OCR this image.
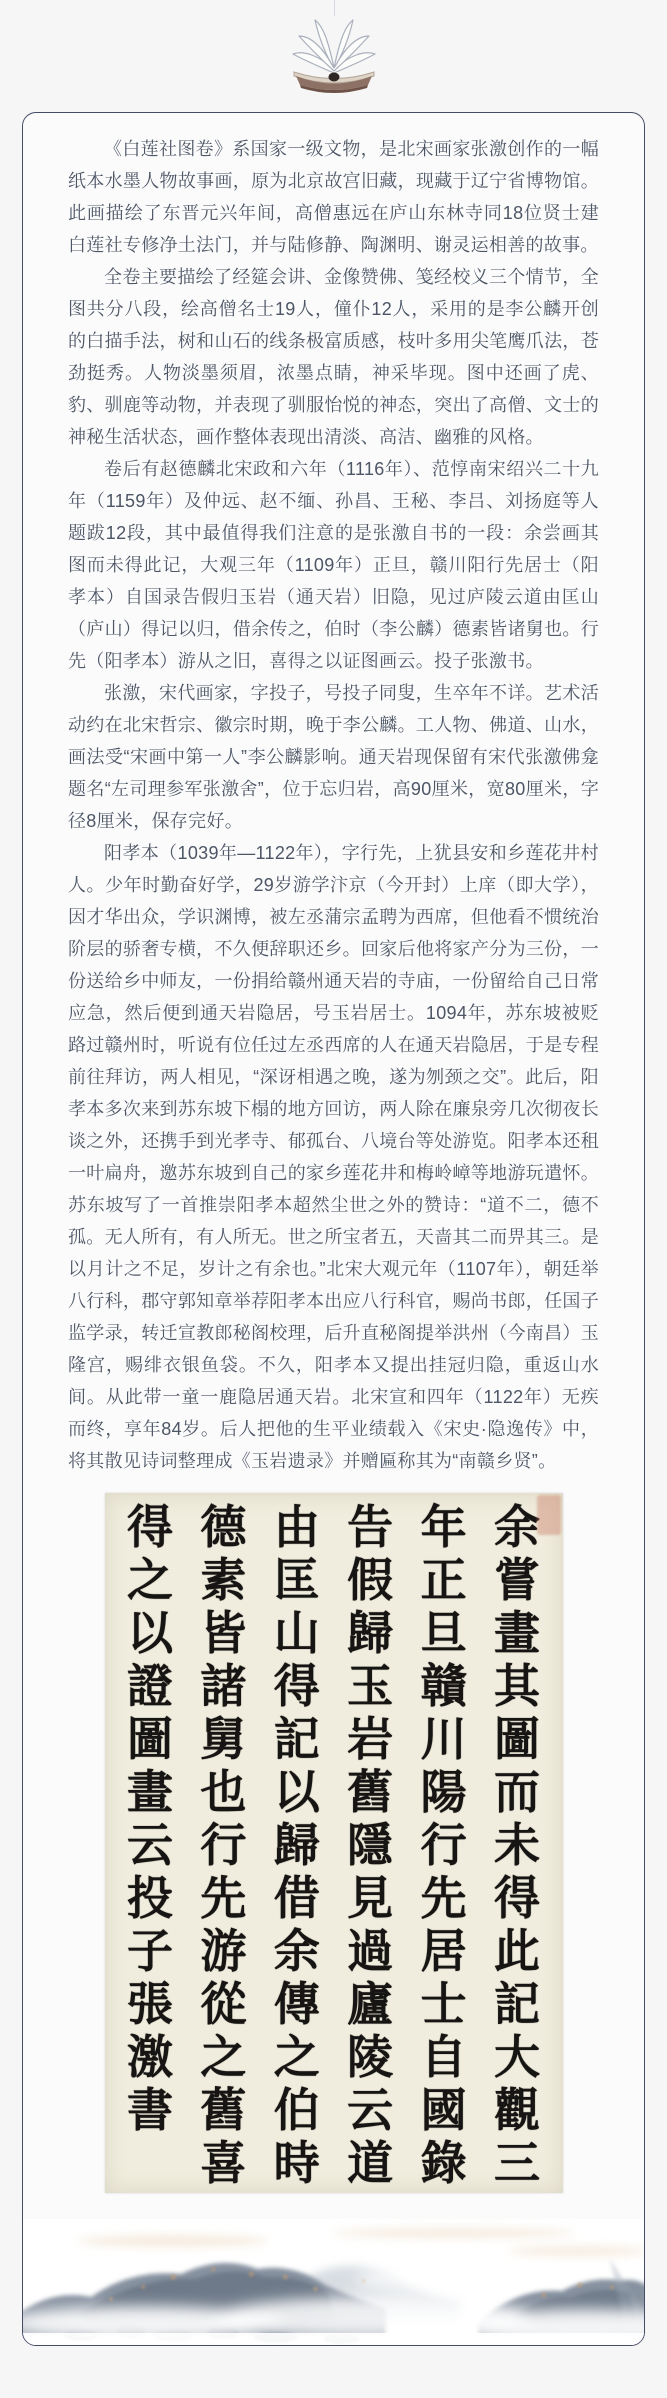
《白莲社图卷》系国家一级文物，是北宋画家张激创作的一幅纸本水墨人物故事画，原为北京故宫旧藏，现藏于辽宁省博物馆。此画描绘了东晋元兴年间，高僧惠远在庐山东林寺同18位贤士建白莲社专修净土法门，并与陆修静、陶渊明、谢灵运相善的故事。

全卷主要描绘了经筵会讲、金像赞佛、笺经校义三个情节，全图共分八段，绘高僧名士19人，僮仆12人，采用的是李公麟开创的白描手法，树和山石的线条极富质感，枝叶多用尖笔鹰爪法，苍劲挺秀。人物淡墨须眉，浓墨点睛，神采毕现。图中还画了虎、豹、驯鹿等动物，并表现了驯服怡悦的神态，突出了高僧、文士的神秘生活状态，画作整体表现出清淡、高洁、幽雅的风格。

卷后有赵德麟北宋政和六年（1116年）、范惇南宋绍兴二十九年（1159年）及仲远、赵不缅、孙昌、王秘、李吕、刘扬庭等人题跋12段，其中最值得我们注意的是张激自书的一段：余尝画其图而未得此记，大观三年（1109年）正旦，赣川阳行先居士（阳孝本）自国录告假归玉岩（通天岩）旧隐，见过庐陵云道由匡山（庐山）得记以归，借余传之，伯时（李公麟）德素皆诸舅也。行先（阳孝本）游从之旧，喜得之以证图画云。投子张激书。

张激，宋代画家，字投子，号投子同叟，生卒年不详。艺术活动约在北宋哲宗、徽宗时期，晚于李公麟。工人物、佛道、山水，画法受“宋画中第一人”李公麟影响。通天岩现保留有宋代张激佛龛题名“左司理参军张激舍”，位于忘归岩，高90厘米，宽80厘米，字径8厘米，保存完好。

阳孝本（1039年—1122年），字行先，上犹县安和乡莲花井村人。少年时勤奋好学，29岁游学汴京（今开封）上庠（即大学），因才华出众，学识渊博，被左丞蒲宗孟聘为西席，但他看不惯统治阶层的骄奢专横，不久便辞职还乡。回家后他将家产分为三份，一份送给乡中师友，一份捐给赣州通天岩的寺庙，一份留给自己日常应急，然后便到通天岩隐居，号玉岩居士。1094年，苏东坡被贬路过赣州时，听说有位任过左丞西席的人在通天岩隐居，于是专程前往拜访，两人相见，“深讶相遇之晚，遂为刎颈之交”。此后，阳孝本多次来到苏东坡下榻的地方回访，两人除在廉泉旁几次彻夜长谈之外，还携手到光孝寺、郁孤台、八境台等处游览。阳孝本还租一叶扁舟，邀苏东坡到自己的家乡莲花井和梅岭嶂等地游玩遣怀。苏东坡写了一首推崇阳孝本超然尘世之外的赞诗：“道不二，德不孤。无人所有，有人所无。世之所宝者五，天啬其二而畀其三。是以月计之不足，岁计之有余也。”北宋大观元年（1107年），朝廷举八行科，郡守郭知章举荐阳孝本出应八行科官，赐尚书郎，任国子监学录，转迁宣教郎秘阁校理，后升直秘阁提举洪州（今南昌）玉隆宫，赐绯衣银鱼袋。不久，阳孝本又提出挂冠归隐，重返山水间。从此带一童一鹿隐居通天岩。北宋宣和四年（1122年）无疾而终，享年84岁。后人把他的生平业绩载入《宋史·隐逸传》中，将其散见诗词整理成《玉岩遗录》并赠匾称其为“南赣乡贤”。

余
嘗
畫
其
圖
而
未
得
此
記
大
觀
三
年
正
旦
贛
川
陽
行
先
居
士
自
國
錄
告
假
歸
玉
岩
舊
隱
見
過
廬
陵
云
道
由
匡
山
得
記
以
歸
借
余
傳
之
伯
時
德
素
皆
諸
舅
也
行
先
游
從
之
舊
喜
得
之
以
證
圖
畫
云
投
子
張
激
書
